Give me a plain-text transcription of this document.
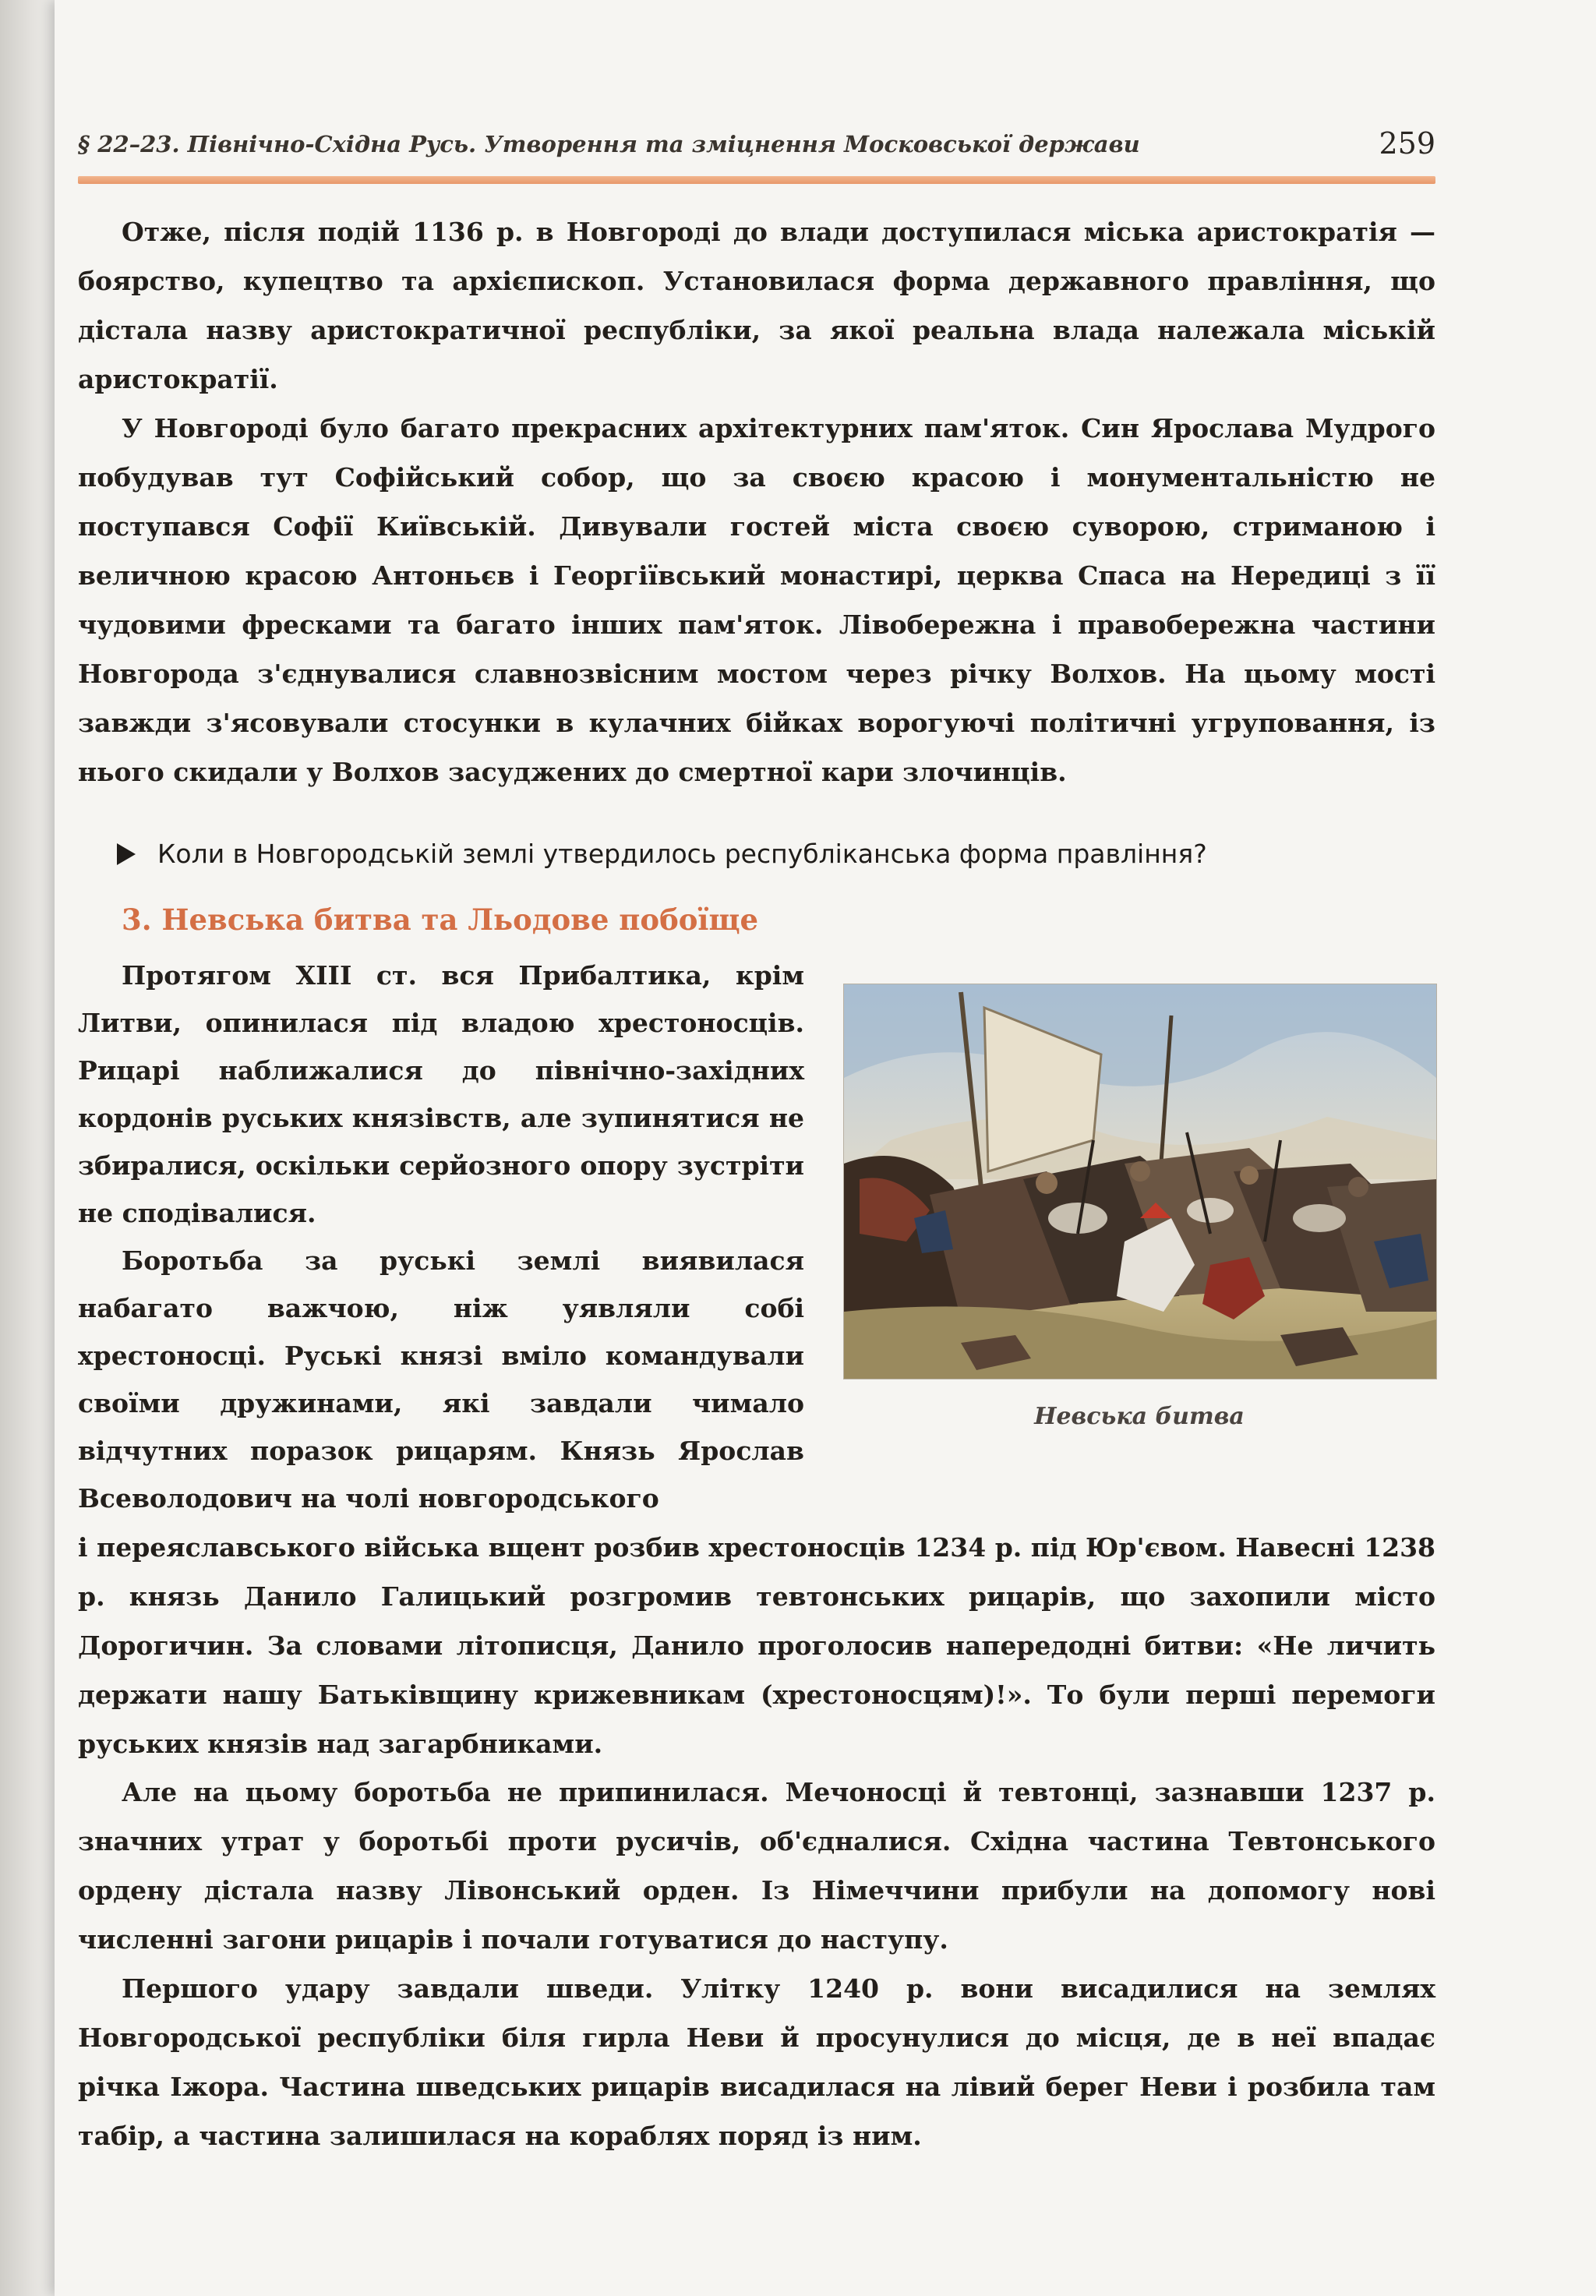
§ 22–23. Північно-Східна Русь. Утворення та зміцнення Московської держави	259

Отже, після подій 1136 р. в Новгороді до влади доступилася міська аристократія — боярство, купецтво та архієпископ. Установилася форма державного правління, що дістала назву аристократичної республіки, за якої реальна влада належала міській аристократії.

У Новгороді було багато прекрасних архітектурних пам'яток. Син Ярослава Мудрого побудував тут Софійський собор, що за своєю красою і монументальністю не поступався Софії Київській. Дивували гостей міста своєю суворою, стриманою і величною красою Антоньєв і Георгіївський монастирі, церква Спаса на Нередиці з її чудовими фресками та багато інших пам'яток. Лівобережна і правобережна частини Новгорода з'єднувалися славнозвісним мостом через річку Волхов. На цьому мості завжди з'ясовували стосунки в кулачних бійках ворогуючі політичні угруповання, із нього скидали у Волхов засуджених до смертної кари злочинців.

Коли в Новгородській землі утвердилось республіканська форма правління?
3. Невська битва та Льодове побоїще

Протягом XIII ст. вся Прибалтика, крім Литви, опинилася під владою хрестоносців. Рицарі наближалися до північно-західних кордонів руських князівств, але зупинятися не збиралися, оскільки серйозного опору зустріти не сподівалися.

Боротьба за руські землі виявилася набагато важчою, ніж уявляли собі хрестоносці. Руські князі вміло командували своїми дружинами, які завдали чимало відчутних поразок рицарям. Князь Ярослав Всеволодович на чолі новгородського

і переяславського війська вщент розбив хрестоносців 1234 р. під Юр'євом. Навесні 1238 р. князь Данило Галицький розгромив тевтонських рицарів, що захопили місто Дорогичин. За словами літописця, Данило проголосив напередодні битви: «Не личить держати нашу Батьківщину крижевникам (хрестоносцям)!». То були перші перемоги руських князів над загарбниками.

Але на цьому боротьба не припинилася. Мечоносці й тевтонці, зазнавши 1237 р. значних утрат у боротьбі проти русичів, об'єдналися. Східна частина Тевтонського ордену дістала назву Лівонський орден. Із Німеччини прибули на допомогу нові численні загони рицарів і почали готуватися до наступу.

Першого удару завдали шведи. Улітку 1240 р. вони висадилися на землях Новгородської республіки біля гирла Неви й просунулися до місця, де в неї впадає річка Іжора. Частина шведських рицарів висадилася на лівий берег Неви і розбила там табір, а частина залишилася на кораблях поряд із ним.

Невська битва
